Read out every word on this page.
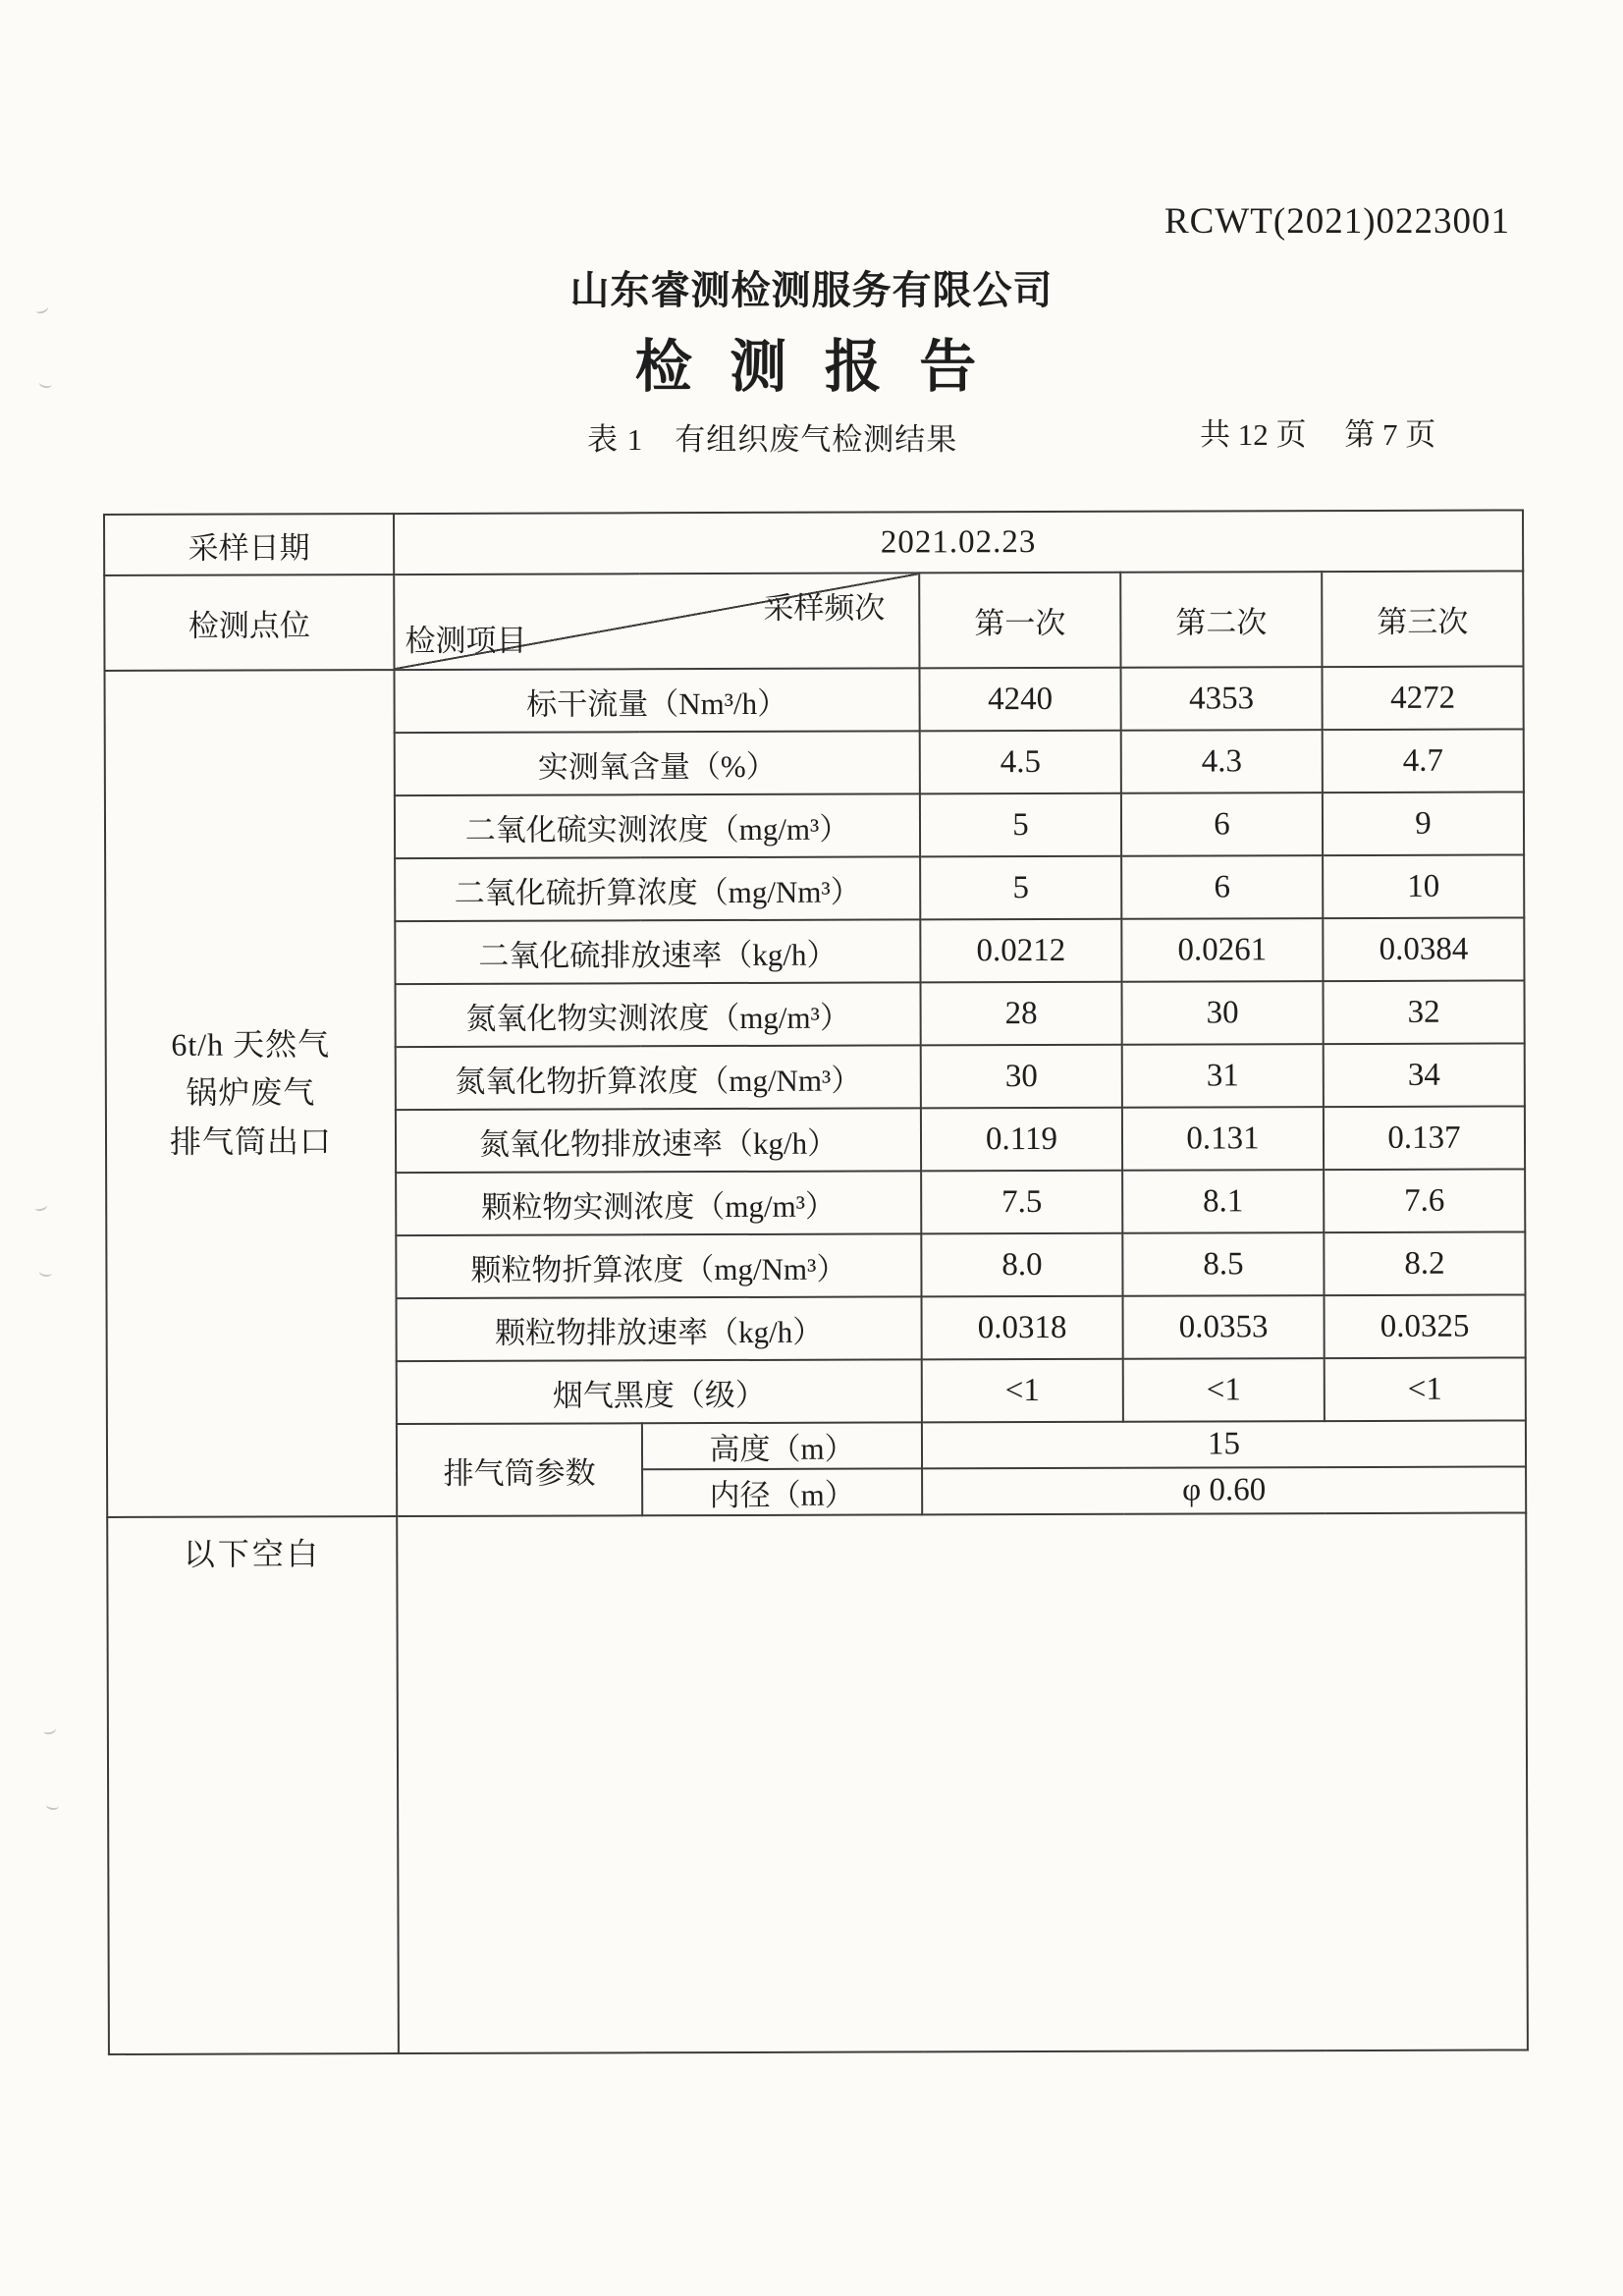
RCWT(2021)0223001
山东睿测检测服务有限公司
检 测 报 告
表 1　有组织废气检测结果	共 12 页　 第 7 页
采样日期	2021.02.23				
检测点位	采样频次
检测项目		第一次	第二次	第三次
6t/h 天然气
锅炉废气
排气筒出口	标干流量（Nm³/h）		4240	4353	4272
	实测氧含量（%）		4.5	4.3	4.7
	二氧化硫实测浓度（mg/m³）		5	6	9
	二氧化硫折算浓度（mg/Nm³）		5	6	10
	二氧化硫排放速率（kg/h）		0.0212	0.0261	0.0384
	氮氧化物实测浓度（mg/m³）		28	30	32
	氮氧化物折算浓度（mg/Nm³）		30	31	34
	氮氧化物排放速率（kg/h）		0.119	0.131	0.137
	颗粒物实测浓度（mg/m³）		7.5	8.1	7.6
	颗粒物折算浓度（mg/Nm³）		8.0	8.5	8.2
	颗粒物排放速率（kg/h）		0.0318	0.0353	0.0325
	烟气黑度（级）		<1	<1	<1
	排气筒参数	高度（m）	15		
		内径（m）	φ 0.60		
以下空白					
